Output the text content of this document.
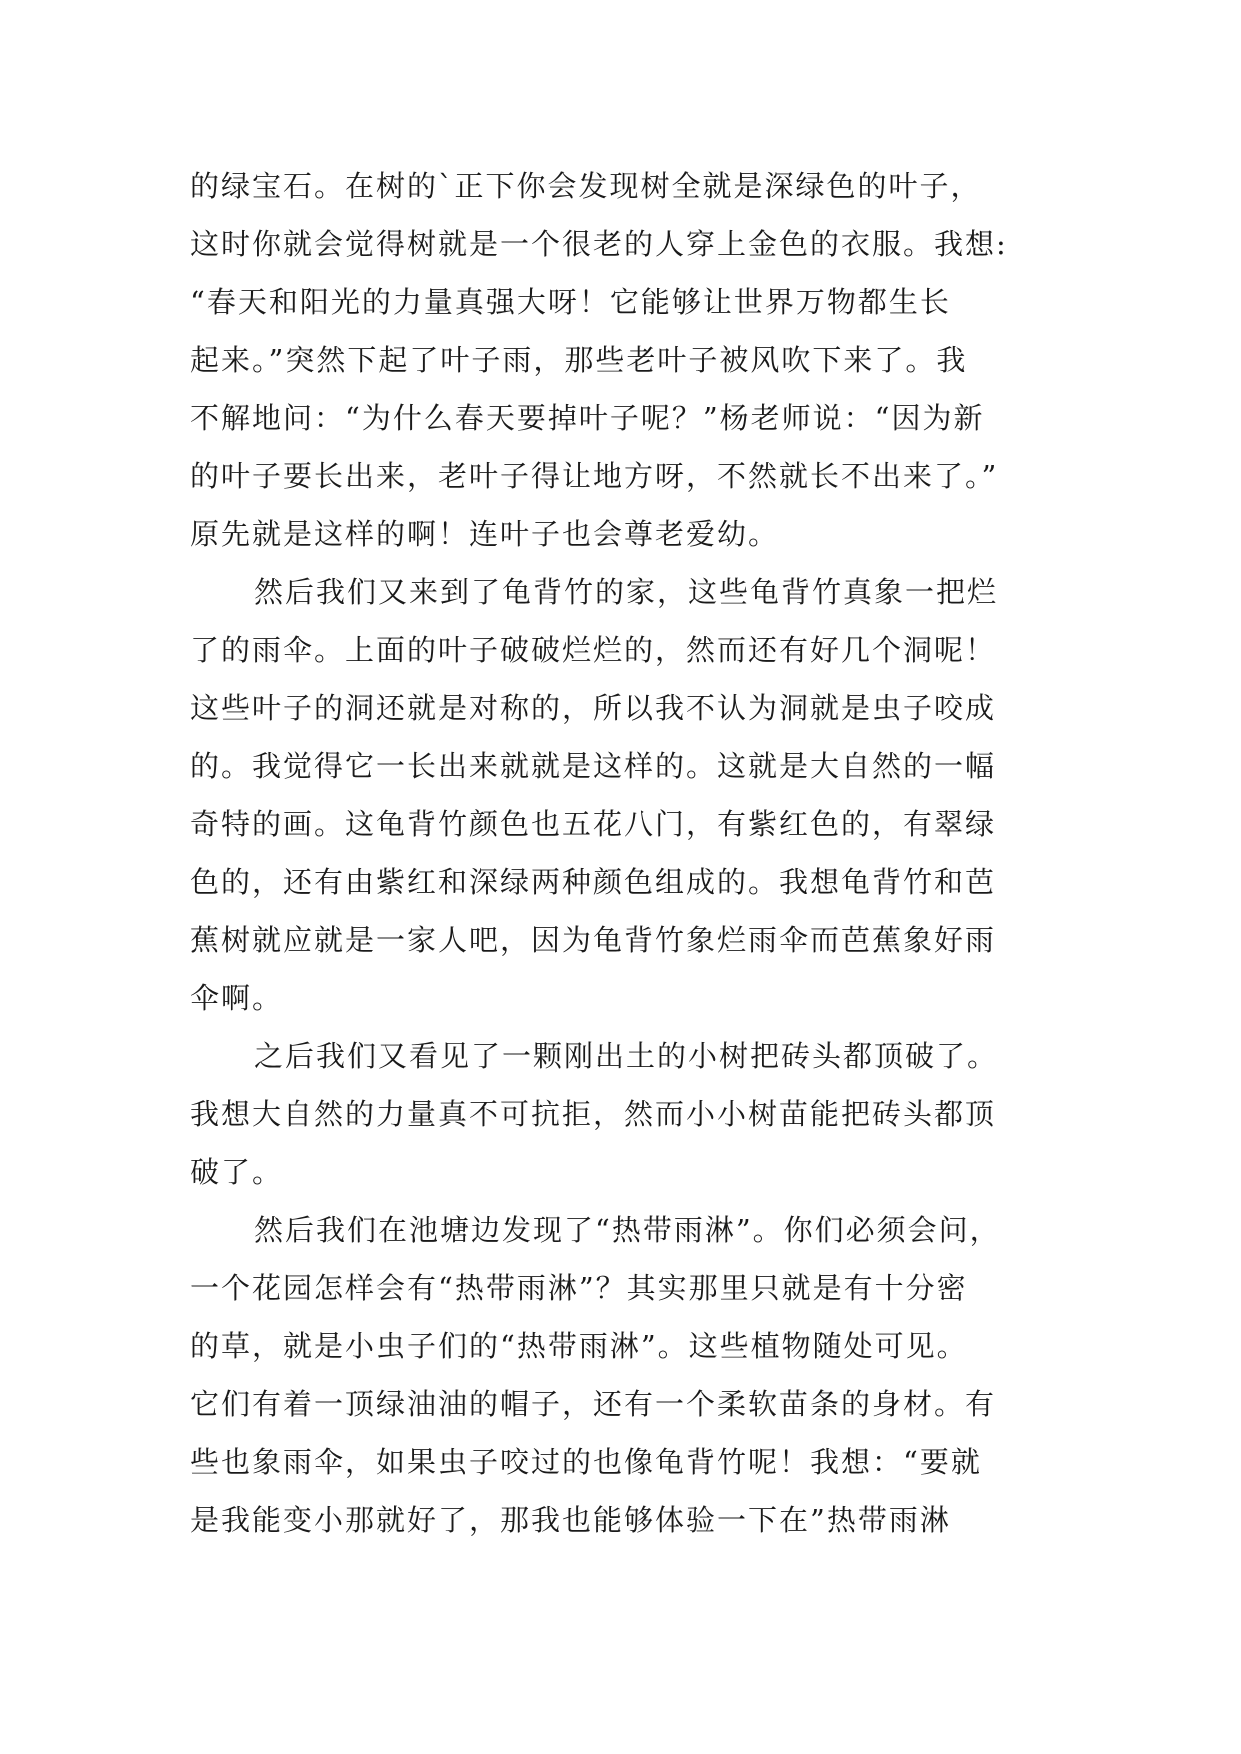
的绿宝石。在树的`正下你会发现树全就是深绿色的叶子，
这时你就会觉得树就是一个很老的人穿上金色的衣服。我想:
“春天和阳光的力量真强大呀！它能够让世界万物都生长
起来。”突然下起了叶子雨，那些老叶子被风吹下来了。我
不解地问：“为什么春天要掉叶子呢？”杨老师说：“因为新
的叶子要长出来，老叶子得让地方呀，不然就长不出来了。”
原先就是这样的啊！连叶子也会尊老爱幼。
然后我们又来到了龟背竹的家，这些龟背竹真象一把烂
了的雨伞。上面的叶子破破烂烂的，然而还有好几个洞呢！
这些叶子的洞还就是对称的，所以我不认为洞就是虫子咬成
的。我觉得它一长出来就就是这样的。这就是大自然的一幅
奇特的画。这龟背竹颜色也五花八门，有紫红色的，有翠绿
色的，还有由紫红和深绿两种颜色组成的。我想龟背竹和芭
蕉树就应就是一家人吧，因为龟背竹象烂雨伞而芭蕉象好雨
伞啊。
之后我们又看见了一颗刚出土的小树把砖头都顶破了。
我想大自然的力量真不可抗拒，然而小小树苗能把砖头都顶
破了。
然后我们在池塘边发现了“热带雨淋”。你们必须会问，
一个花园怎样会有“热带雨淋”？其实那里只就是有十分密
的草，就是小虫子们的“热带雨淋”。这些植物随处可见。
它们有着一顶绿油油的帽子，还有一个柔软苗条的身材。有
些也象雨伞，如果虫子咬过的也像龟背竹呢！我想：“要就
是我能变小那就好了，那我也能够体验一下在”热带雨淋
